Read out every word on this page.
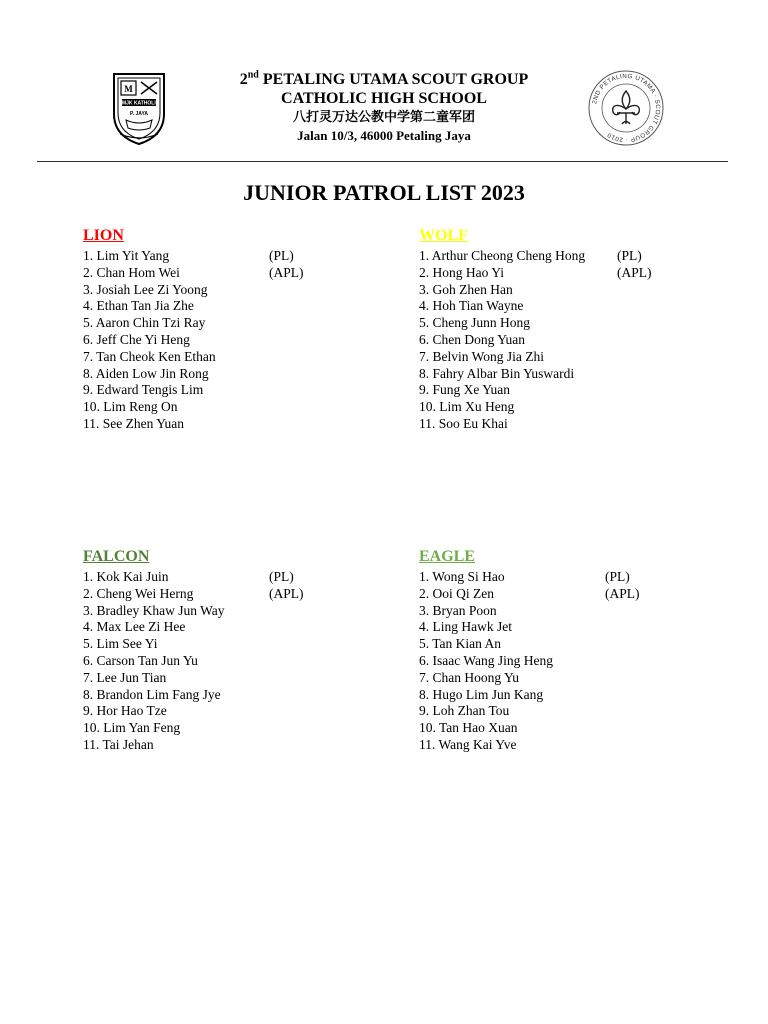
M
SMJK KATHOLIK
P. JAYA
2nd PETALING UTAMA SCOUT GROUP
CATHOLIC HIGH SCHOOL
八打灵万达公教中学第二童军团
Jalan 10/3, 46000 Petaling Jaya
2ND PETALING UTAMA · SCOUT GROUP · 2010
JUNIOR PATROL LIST 2023
LION
1. Lim Yit Yang	(PL)
2. Chan Hom Wei	(APL)
3. Josiah Lee Zi Yoong
4. Ethan Tan Jia Zhe
5. Aaron Chin Tzi Ray
6. Jeff Che Yi Heng
7. Tan Cheok Ken Ethan
8. Aiden Low Jin Rong
9. Edward Tengis Lim
10. Lim Reng On
11. See Zhen Yuan
WOLF
1. Arthur Cheong Cheng Hong (PL)
2. Hong Hao Yi	(APL)
3. Goh Zhen Han
4. Hoh Tian Wayne
5. Cheng Junn Hong
6. Chen Dong Yuan
7. Belvin Wong Jia Zhi
8. Fahry Albar Bin Yuswardi
9. Fung Xe Yuan
10. Lim Xu Heng
11. Soo Eu Khai
FALCON
1. Kok Kai Juin	(PL)
2. Cheng Wei Herng	(APL)
3. Bradley Khaw Jun Way
4. Max Lee Zi Hee
5. Lim See Yi
6. Carson Tan Jun Yu
7. Lee Jun Tian
8. Brandon Lim Fang Jye
9. Hor Hao Tze
10. Lim Yan Feng
11. Tai Jehan
EAGLE
1. Wong Si Hao	(PL)
2. Ooi Qi Zen	(APL)
3. Bryan Poon
4. Ling Hawk Jet
5. Tan Kian An
6. Isaac Wang Jing Heng
7. Chan Hoong Yu
8. Hugo Lim Jun Kang
9. Loh Zhan Tou
10. Tan Hao Xuan
11. Wang Kai Yve
